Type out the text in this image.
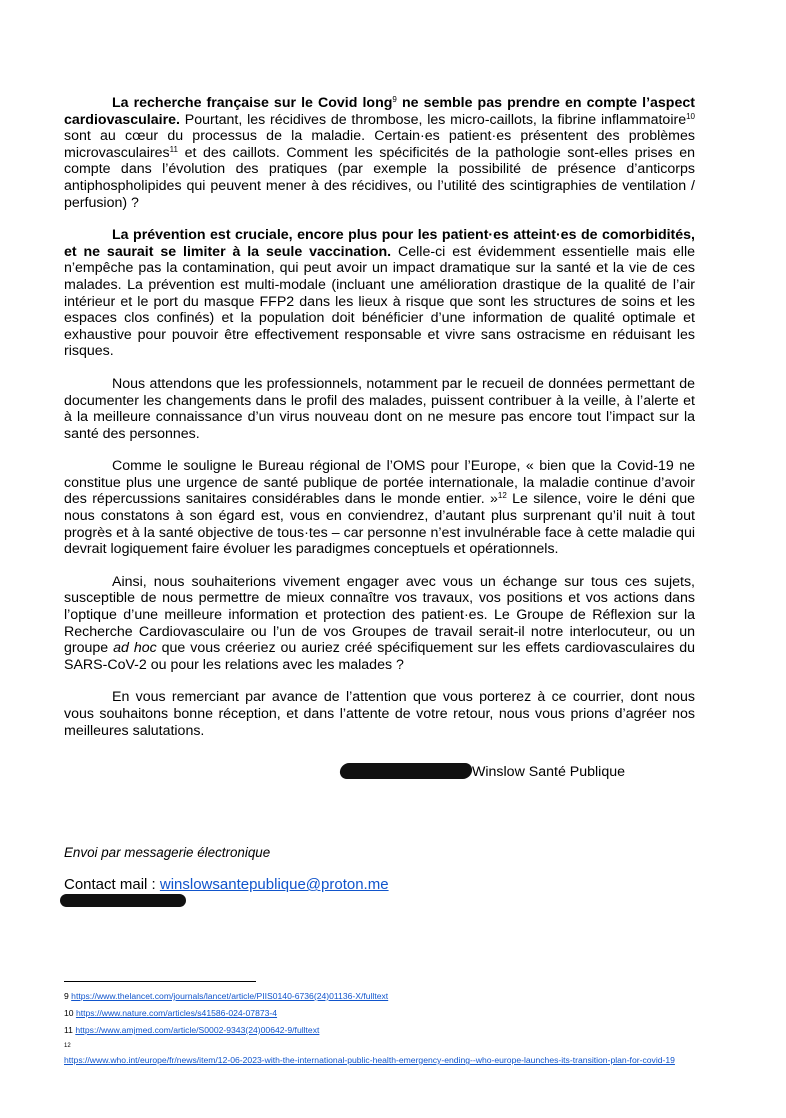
La recherche française sur le Covid long$^9$ ne semble pas prendre en compte l’aspect cardiovasculaire. Pourtant, les récidives de thrombose, les micro-caillots, la fibrine inflammatoire$^{10}$ sont au cœur du processus de la maladie. Certain·es patient·es présentent des problèmes microvasculaires$^{11}$ et des caillots. Comment les spécificités de la pathologie sont-elles prises en compte dans l’évolution des pratiques (par exemple la possibilité de présence d’anticorps antiphospholipides qui peuvent mener à des récidives, ou l’utilité des scintigraphies de ventilation / perfusion) ?

La prévention est cruciale, encore plus pour les patient·es atteint·es de comorbidités, et ne saurait se limiter à la seule vaccination. Celle-ci est évidemment essentielle mais elle n’empêche pas la contamination, qui peut avoir un impact dramatique sur la santé et la vie de ces malades. La prévention est multi-modale (incluant une amélioration drastique de la qualité de l’air intérieur et le port du masque FFP2 dans les lieux à risque que sont les structures de soins et les espaces clos confinés) et la population doit bénéficier d’une information de qualité optimale et exhaustive pour pouvoir être effectivement responsable et vivre sans ostracisme en réduisant les risques.

Nous attendons que les professionnels, notamment par le recueil de données permettant de documenter les changements dans le profil des malades, puissent contribuer à la veille, à l’alerte et à la meilleure connaissance d’un virus nouveau dont on ne mesure pas encore tout l’impact sur la santé des personnes.

Comme le souligne le Bureau régional de l’OMS pour l’Europe, « bien que la Covid-19 ne constitue plus une urgence de santé publique de portée internationale, la maladie continue d’avoir des répercussions sanitaires considérables dans le monde entier. »$^{12}$ Le silence, voire le déni que nous constatons à son égard est, vous en conviendrez, d’autant plus surprenant qu’il nuit à tout progrès et à la santé objective de tous·tes – car personne n’est invulnérable face à cette maladie qui devrait logiquement faire évoluer les paradigmes conceptuels et opérationnels.

Ainsi, nous souhaiterions vivement engager avec vous un échange sur tous ces sujets, susceptible de nous permettre de mieux connaître vos travaux, vos positions et vos actions dans l’optique d’une meilleure information et protection des patient·es. Le Groupe de Réflexion sur la Recherche Cardiovasculaire ou l’un de vos Groupes de travail serait-il notre interlocuteur, ou un groupe ad hoc que vous créeriez ou auriez créé spécifiquement sur les effets cardiovasculaires du SARS-CoV-2 ou pour les relations avec les malades ?

En vous remerciant par avance de l’attention que vous porterez à ce courrier, dont nous vous souhaitons bonne réception, et dans l’attente de votre retour, nous vous prions d’agréer nos meilleures salutations.

Winslow Santé Publique
Envoi par messagerie électronique
Contact mail : winslowsantepublique@proton.me
9 https://www.thelancet.com/journals/lancet/article/PIIS0140-6736(24)01136-X/fulltext
10 https://www.nature.com/articles/s41586-024-07873-4
11 https://www.amjmed.com/article/S0002-9343(24)00642-9/fulltext
12
https://www.who.int/europe/fr/news/item/12-06-2023-with-the-international-public-health-emergency-ending--who-europe-launches-its-transition-plan-for-covid-19
